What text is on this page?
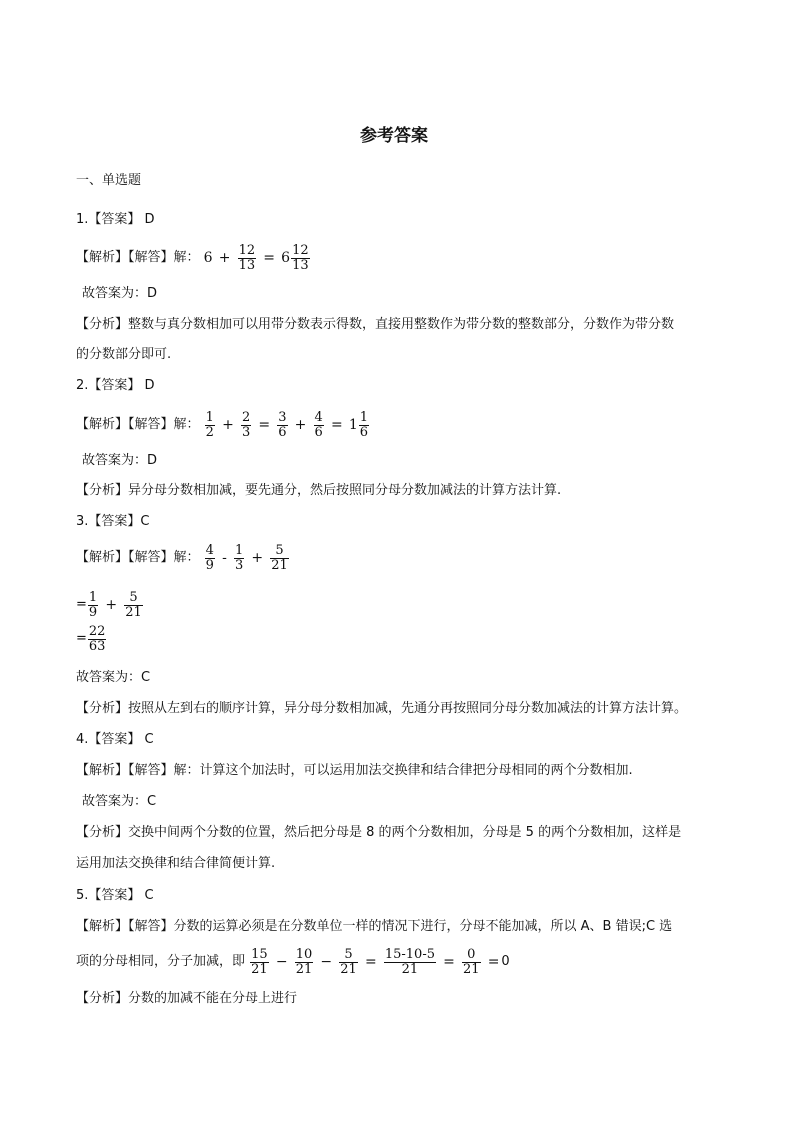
参考答案
一、单选题
1.【答案】 D
【解析】【解答】解： $6 + \frac{12}{13} = 6 \frac{12}{13}$
故答案为：D
【分析】整数与真分数相加可以用带分数表示得数，直接用整数作为带分数的整数部分，分数作为带分数
的分数部分即可.
2.【答案】 D
【解析】【解答】解： $\frac{1}{2} + \frac{2}{3} = \frac{3}{6} + \frac{4}{6} = 1 \frac{1}{6}$
故答案为：D
【分析】异分母分数相加减，要先通分，然后按照同分母分数加减法的计算方法计算.
3.【答案】C
【解析】【解答】解： $\frac{4}{9} - \frac{1}{3} + \frac{5}{21}$
= $\frac{1}{9} + \frac{5}{21}$
= $\frac{22}{63}$
故答案为：C
【分析】按照从左到右的顺序计算，异分母分数相加减，先通分再按照同分母分数加减法的计算方法计算。
4.【答案】 C
【解析】【解答】解：计算这个加法时，可以运用加法交换律和结合律把分母相同的两个分数相加.
故答案为：C
【分析】交换中间两个分数的位置，然后把分母是 8 的两个分数相加，分母是 5 的两个分数相加，这样是
运用加法交换律和结合律简便计算.
5.【答案】 C
【解析】【解答】分数的运算必须是在分数单位一样的情况下进行，分母不能加减，所以 A、B 错误;C 选
项的分母相同，分子加减，即 $\frac{15}{21} - \frac{10}{21} - \frac{5}{21} = \frac{15-10-5}{21} = \frac{0}{21} = 0$
【分析】分数的加减不能在分母上进行
